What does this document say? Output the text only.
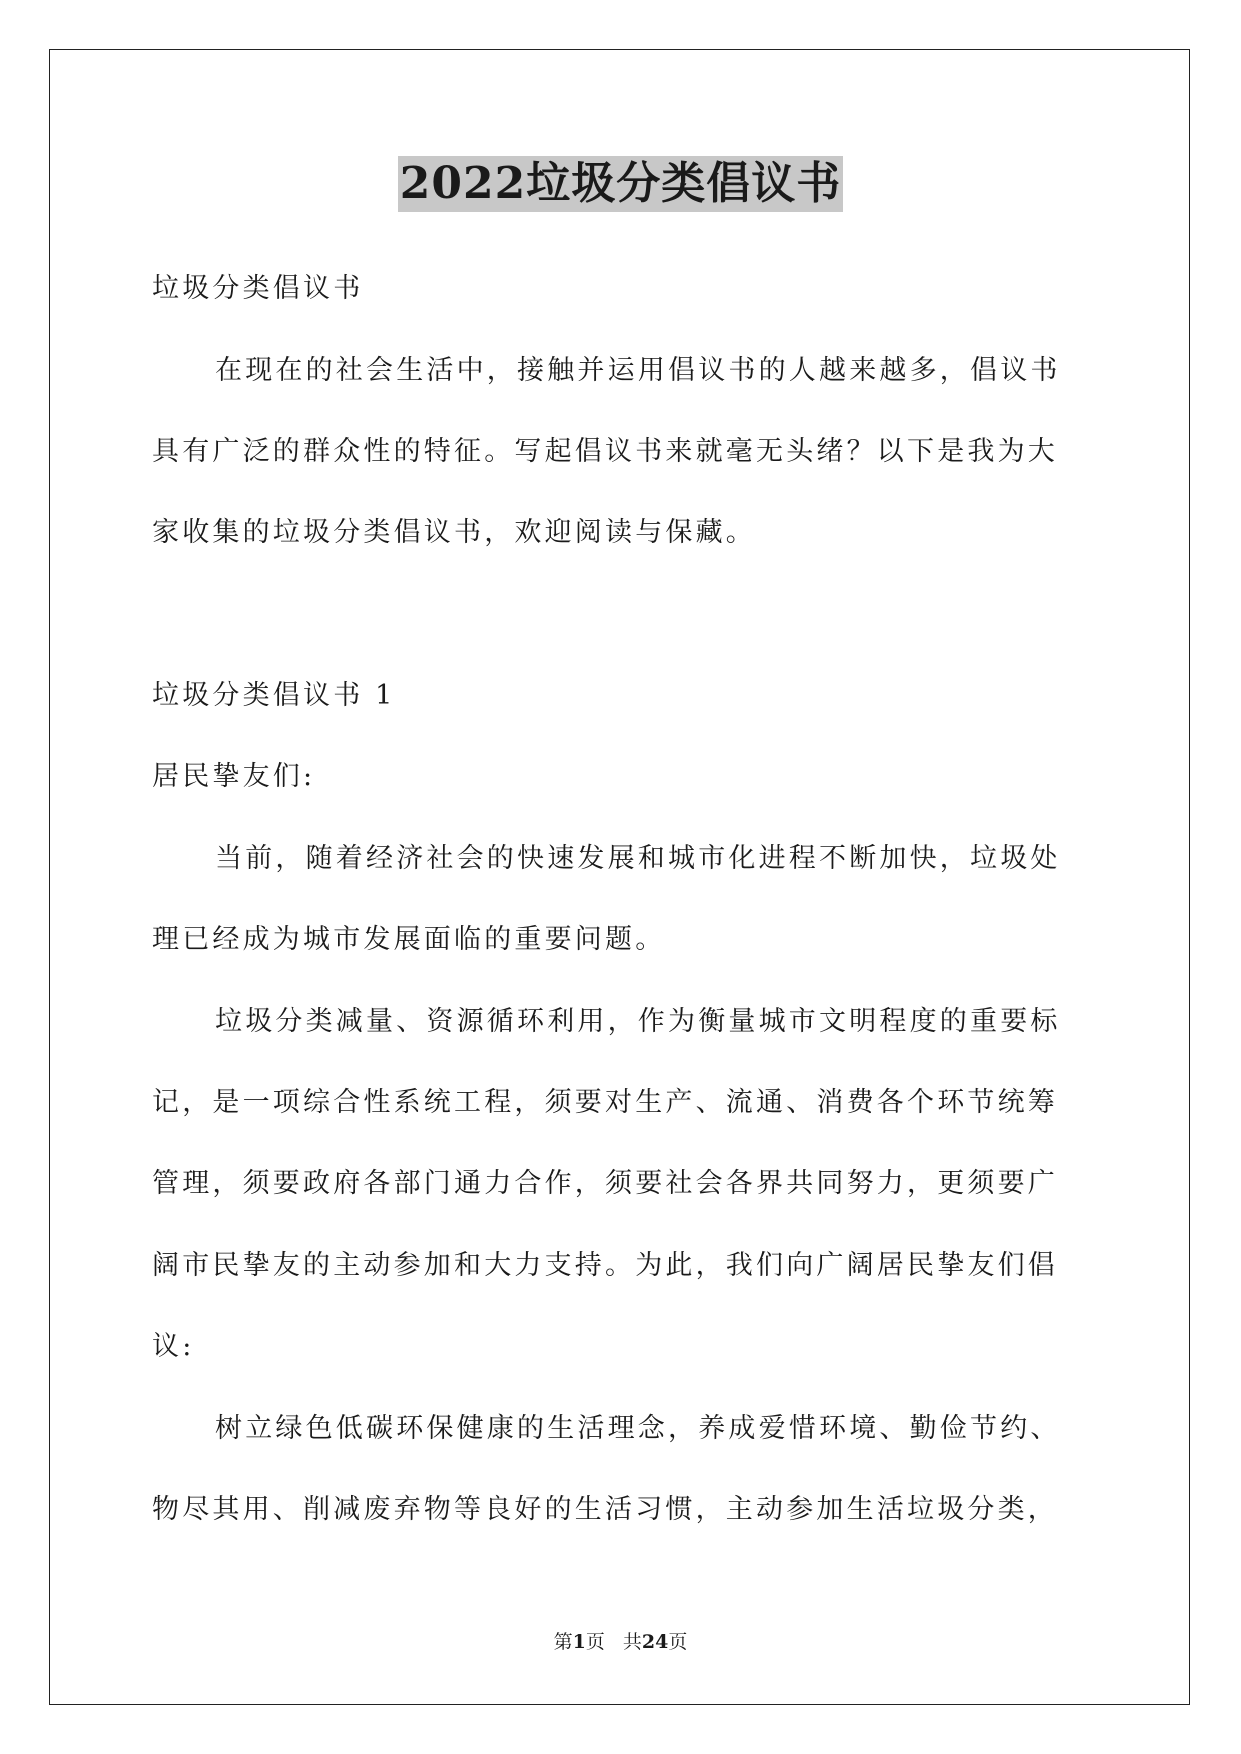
2022垃圾分类倡议书
垃圾分类倡议书
在现在的社会生活中，接触并运用倡议书的人越来越多，倡议书
具有广泛的群众性的特征。写起倡议书来就毫无头绪？以下是我为大
家收集的垃圾分类倡议书，欢迎阅读与保藏。
垃圾分类倡议书 1
居民挚友们:
当前，随着经济社会的快速发展和城市化进程不断加快，垃圾处
理已经成为城市发展面临的重要问题。
垃圾分类减量、资源循环利用，作为衡量城市文明程度的重要标
记，是一项综合性系统工程，须要对生产、流通、消费各个环节统筹
管理，须要政府各部门通力合作，须要社会各界共同努力，更须要广
阔市民挚友的主动参加和大力支持。为此，我们向广阔居民挚友们倡
议:
树立绿色低碳环保健康的生活理念，养成爱惜环境、勤俭节约、
物尽其用、削减废弃物等良好的生活习惯，主动参加生活垃圾分类，
第1页 共24页
